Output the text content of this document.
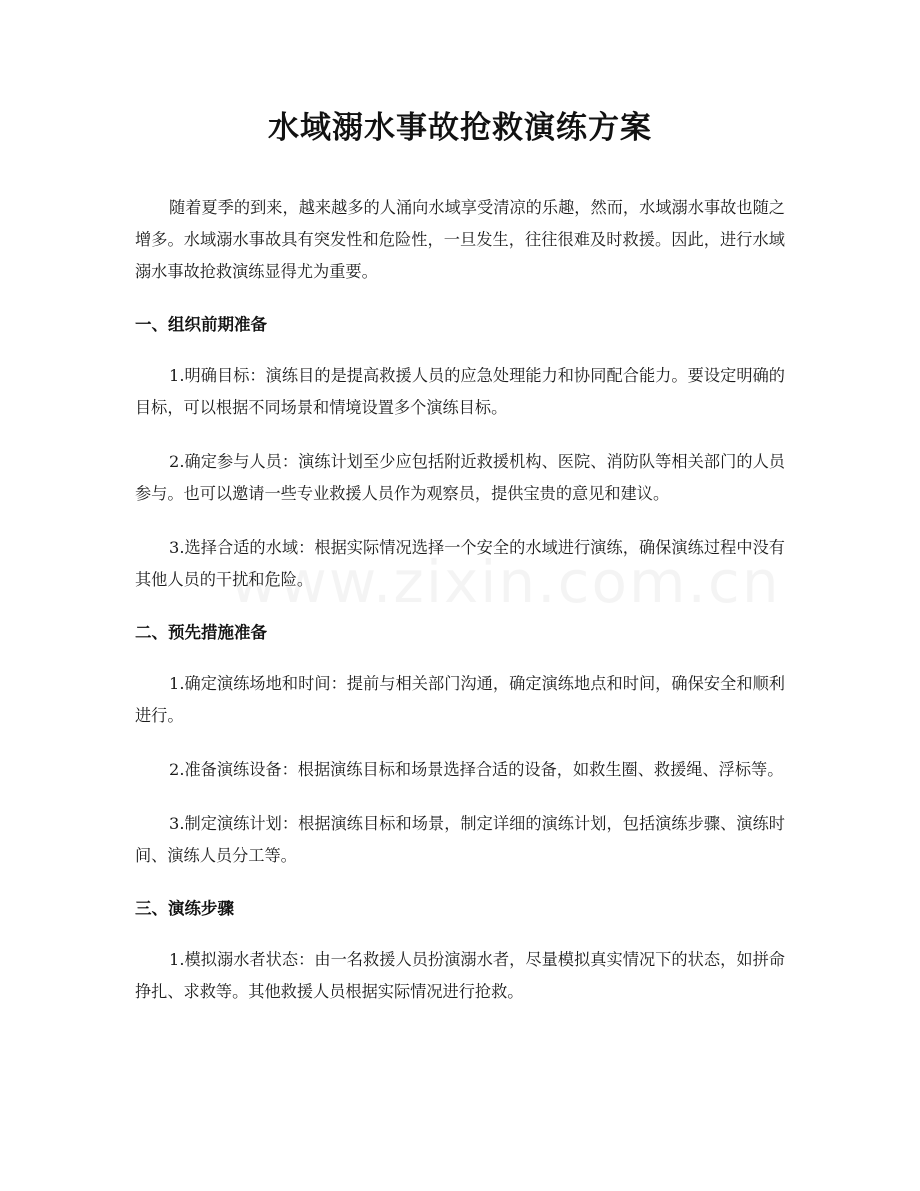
水域溺水事故抢救演练方案

随着夏季的到来，越来越多的人涌向水域享受清凉的乐趣，然而，水域溺水事故也随之增多。水域溺水事故具有突发性和危险性，一旦发生，往往很难及时救援。因此，进行水域溺水事故抢救演练显得尤为重要。

一、组织前期准备

1.明确目标：演练目的是提高救援人员的应急处理能力和协同配合能力。要设定明确的目标，可以根据不同场景和情境设置多个演练目标。

2.确定参与人员：演练计划至少应包括附近救援机构、医院、消防队等相关部门的人员参与。也可以邀请一些专业救援人员作为观察员，提供宝贵的意见和建议。

3.选择合适的水域：根据实际情况选择一个安全的水域进行演练，确保演练过程中没有其他人员的干扰和危险。

二、预先措施准备

1.确定演练场地和时间：提前与相关部门沟通，确定演练地点和时间，确保安全和顺利进行。

2.准备演练设备：根据演练目标和场景选择合适的设备，如救生圈、救援绳、浮标等。

3.制定演练计划：根据演练目标和场景，制定详细的演练计划，包括演练步骤、演练时间、演练人员分工等。

三、演练步骤

1.模拟溺水者状态：由一名救援人员扮演溺水者，尽量模拟真实情况下的状态，如拼命挣扎、求救等。其他救援人员根据实际情况进行抢救。
